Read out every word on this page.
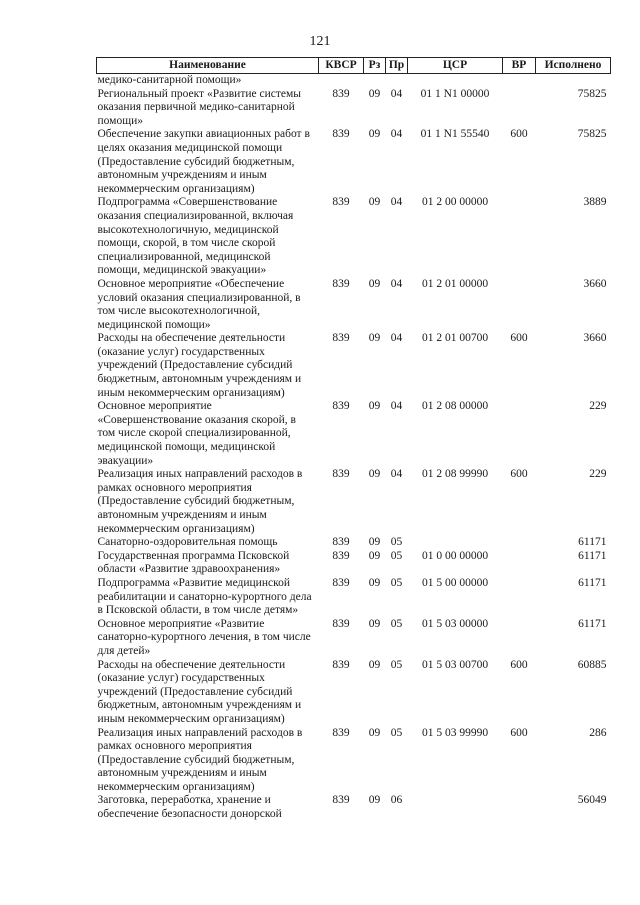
121
Наименование	КВСР	Рз	Пр	ЦСР	ВР	Исполнено
медико-санитарной помощи»						
Региональный проект «Развитие системы оказания первичной медико-санитарной помощи»	839	09	04	01 1 N1 00000		75825
Обеспечение закупки авиационных работ в целях оказания медицинской помощи (Предоставление субсидий бюджетным, автономным учреждениям и иным некоммерческим организациям)	839	09	04	01 1 N1 55540	600	75825
Подпрограмма «Совершенствование оказания специализированной, включая высокотехнологичную, медицинской помощи, скорой, в том числе скорой специализированной, медицинской помощи, медицинской эвакуации»	839	09	04	01 2 00 00000		3889
Основное мероприятие «Обеспечение условий оказания специализированной, в том числе высокотехнологичной, медицинской помощи»	839	09	04	01 2 01 00000		3660
Расходы на обеспечение деятельности (оказание услуг) государственных учреждений (Предоставление субсидий бюджетным, автономным учреждениям и иным некоммерческим организациям)	839	09	04	01 2 01 00700	600	3660
Основное мероприятие «Совершенствование оказания скорой, в том числе скорой специализированной, медицинской помощи, медицинской эвакуации»	839	09	04	01 2 08 00000		229
Реализация иных направлений расходов в рамках основного мероприятия (Предоставление субсидий бюджетным, автономным учреждениям и иным некоммерческим организациям)	839	09	04	01 2 08 99990	600	229
Санаторно-оздоровительная помощь	839	09	05			61171
Государственная программа Псковской области «Развитие здравоохранения»	839	09	05	01 0 00 00000		61171
Подпрограмма «Развитие медицинской реабилитации и санаторно-курортного дела в Псковской области, в том числе детям»	839	09	05	01 5 00 00000		61171
Основное мероприятие «Развитие санаторно-курортного лечения, в том числе для детей»	839	09	05	01 5 03 00000		61171
Расходы на обеспечение деятельности (оказание услуг) государственных учреждений (Предоставление субсидий бюджетным, автономным учреждениям и иным некоммерческим организациям)	839	09	05	01 5 03 00700	600	60885
Реализация иных направлений расходов в рамках основного мероприятия (Предоставление субсидий бюджетным, автономным учреждениям и иным некоммерческим организациям)	839	09	05	01 5 03 99990	600	286
Заготовка, переработка, хранение и обеспечение безопасности донорской	839	09	06			56049
